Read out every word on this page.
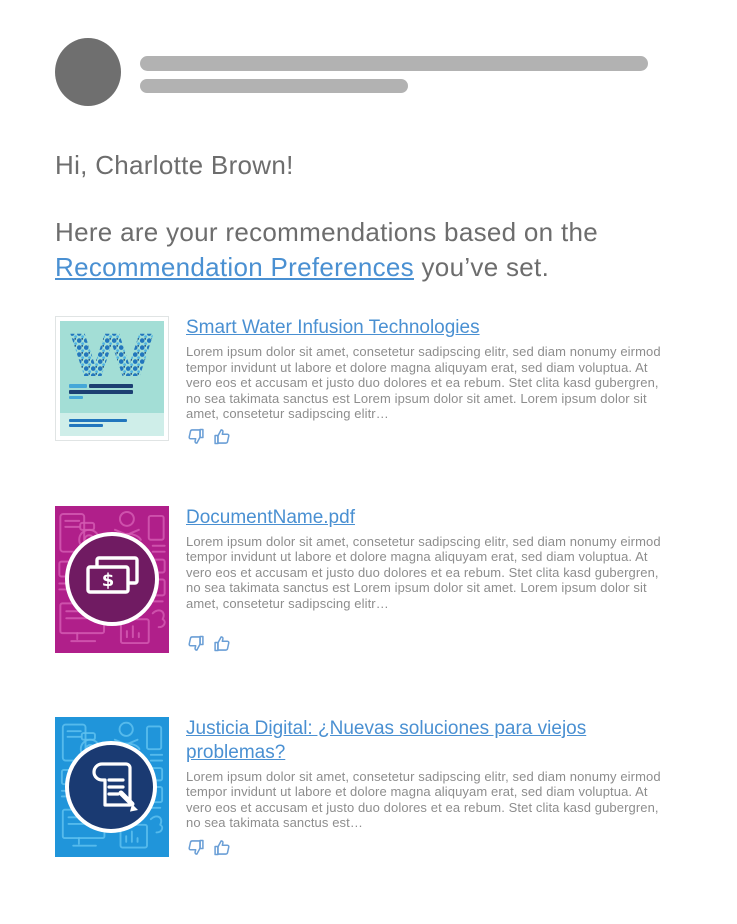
Hi, Charlotte Brown!
Here are your recommendations based on the Recommendation Preferences you’ve set.
W Smart Water Infusion Technologies
Lorem ipsum dolor sit amet, consetetur sadipscing elitr, sed diam nonumy eirmod tempor invidunt ut labore et dolore magna aliquyam erat, sed diam voluptua. At vero eos et accusam et justo duo dolores et ea rebum. Stet clita kasd gubergren, no sea takimata sanctus est Lorem ipsum dolor sit amet. Lorem ipsum dolor sit amet, consetetur sadipscing elitr…
$
DocumentName.pdf
Lorem ipsum dolor sit amet, consetetur sadipscing elitr, sed diam nonumy eirmod tempor invidunt ut labore et dolore magna aliquyam erat, sed diam voluptua. At vero eos et accusam et justo duo dolores et ea rebum. Stet clita kasd gubergren, no sea takimata sanctus est Lorem ipsum dolor sit amet. Lorem ipsum dolor sit amet, consetetur sadipscing elitr…
Justicia Digital: ¿Nuevas soluciones para viejos problemas?
Lorem ipsum dolor sit amet, consetetur sadipscing elitr, sed diam nonumy eirmod tempor invidunt ut labore et dolore magna aliquyam erat, sed diam voluptua. At vero eos et accusam et justo duo dolores et ea rebum. Stet clita kasd gubergren, no sea takimata sanctus est…
